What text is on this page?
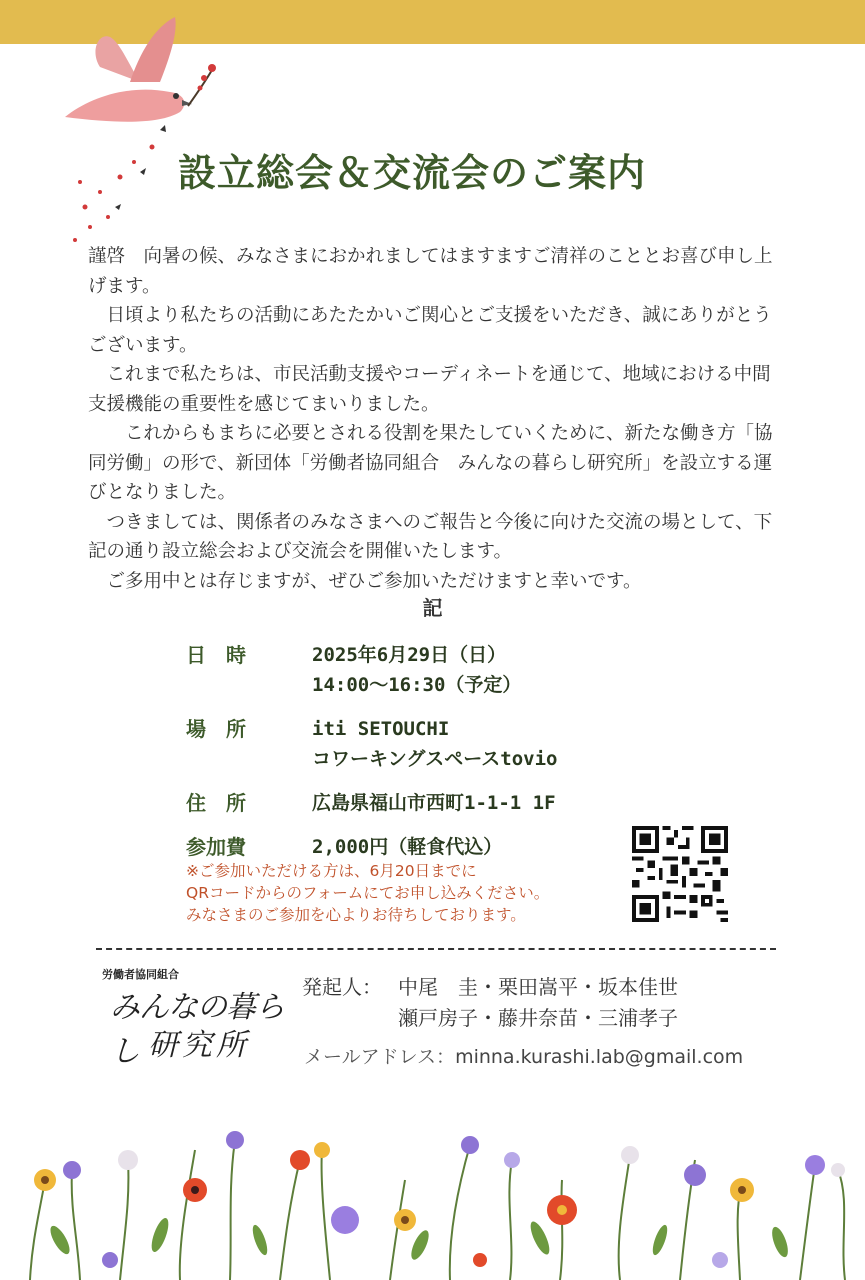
設立総会＆交流会のご案内

謹啓　向暑の候、みなさまにおかれましてはますますご清祥のこととお喜び申し上げます。

　日頃より私たちの活動にあたたかいご関心とご支援をいただき、誠にありがとうございます。

　これまで私たちは、市民活動支援やコーディネートを通じて、地域における中間支援機能の重要性を感じてまいりました。

　　これからもまちに必要とされる役割を果たしていくために、新たな働き方「協同労働」の形で、新団体「労働者協同組合　みんなの暮らし研究所」を設立する運びとなりました。

　つきましては、関係者のみなさまへのご報告と今後に向けた交流の場として、下記の通り設立総会および交流会を開催いたします。

　ご多用中とは存じますが、ぜひご参加いただけますと幸いです。

記
日　時	2025年6月29日（日）
14:00～16:30（予定）
場　所	iti SETOUCHI
コワーキングスペースtovio
住　所	広島県福山市西町1-1-1 1F
参加費	2,000円（軽食代込）

※ご参加いただける方は、6月20日までに

QRコードからのフォームにてお申し込みください。

みなさまのご参加を心よりお待ちしております。

労働者協同組合
みんなの暮らし 研究所
発起人： 中尾　圭・栗田嵩平・坂本佳世
瀬戸房子・藤井奈苗・三浦孝子
メールアドレス：minna.kurashi.lab@gmail.com
